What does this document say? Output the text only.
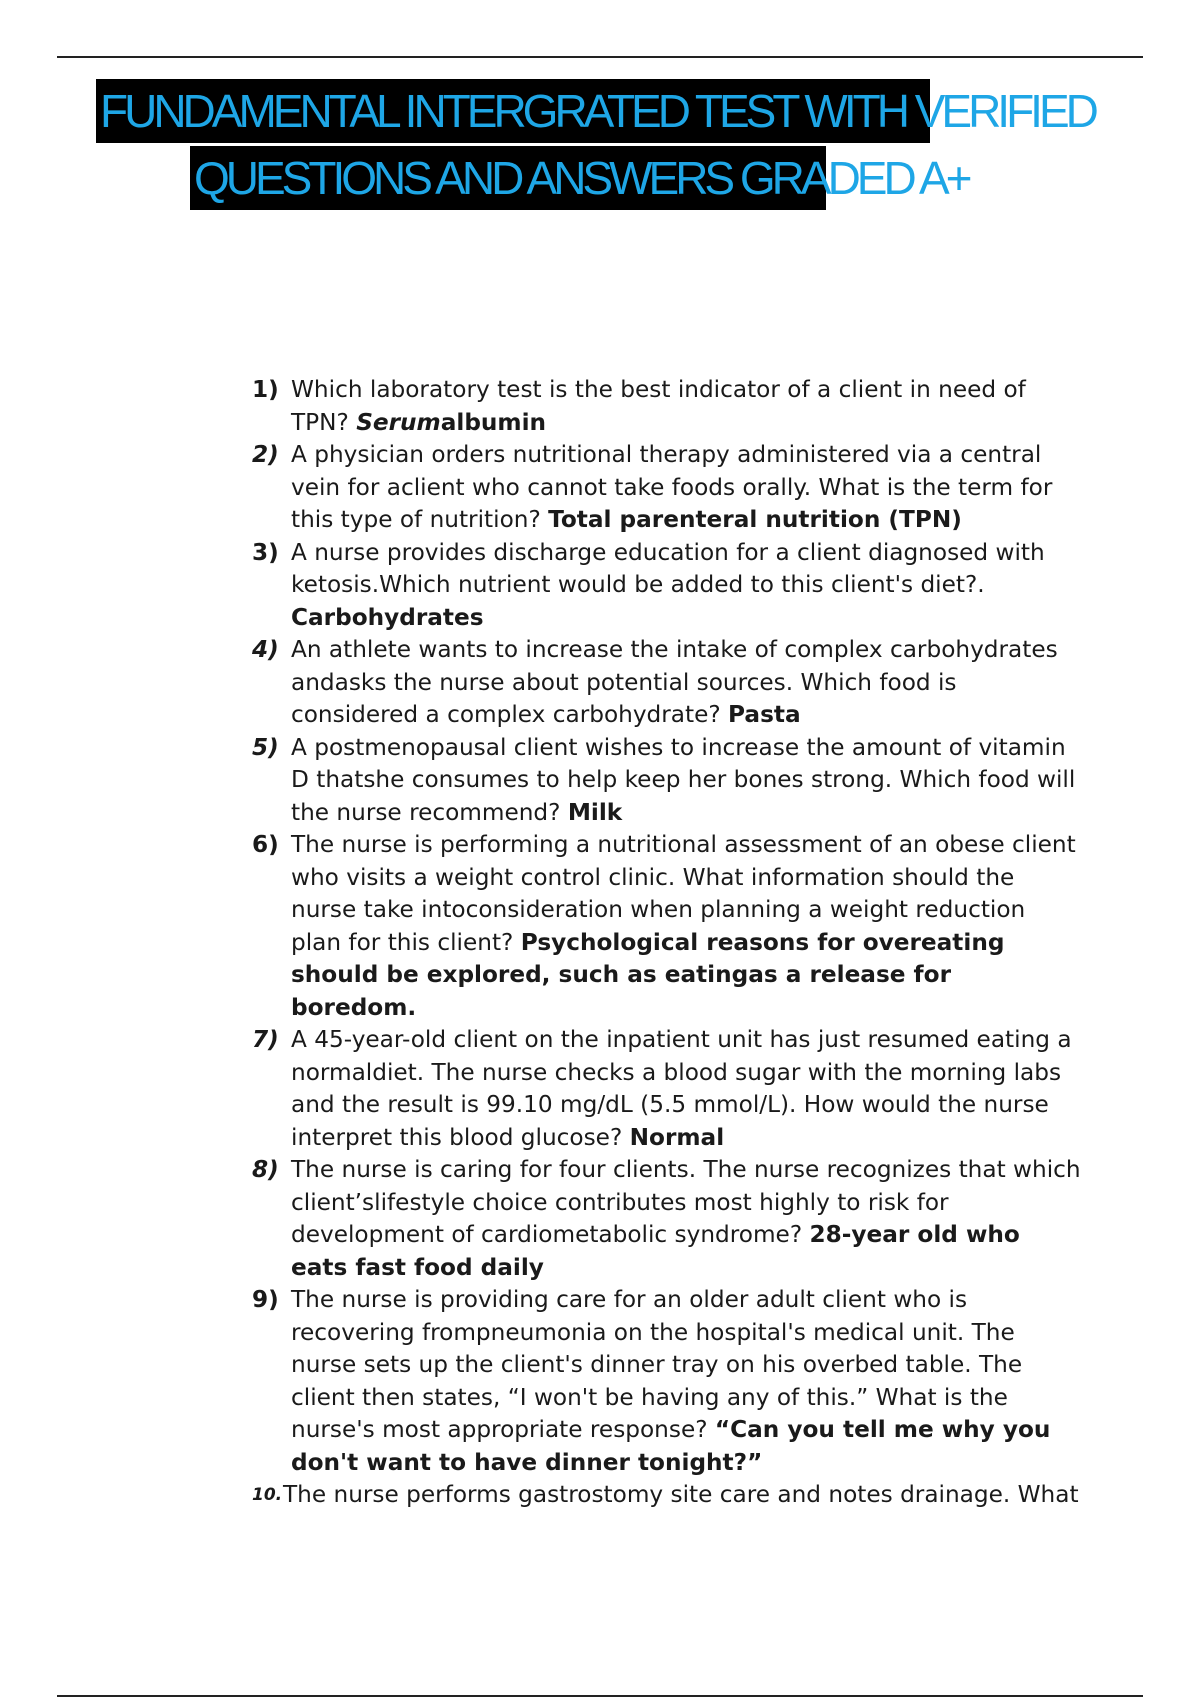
FUNDAMENTAL INTERGRATED TEST WITH VERIFIED
QUESTIONS AND ANSWERS GRADED A+
1) Which laboratory test is the best indicator of a client in need of TPN? Serumalbumin
2) A physician orders nutritional therapy administered via a central vein for aclient who cannot take foods orally. What is the term for this type of nutrition? Total parenteral nutrition (TPN)
3) A nurse provides discharge education for a client diagnosed with ketosis.Which nutrient would be added to this client's diet?. Carbohydrates
4) An athlete wants to increase the intake of complex carbohydrates andasks the nurse about potential sources. Which food is considered a complex carbohydrate? Pasta
5) A postmenopausal client wishes to increase the amount of vitamin D thatshe consumes to help keep her bones strong. Which food will the nurse recommend? Milk
6) The nurse is performing a nutritional assessment of an obese client who visits a weight control clinic. What information should the nurse take intoconsideration when planning a weight reduction plan for this client? Psychological reasons for overeating should be explored, such as eatingas a release for boredom.
7) A 45-year-old client on the inpatient unit has just resumed eating a normaldiet. The nurse checks a blood sugar with the morning labs and the result is 99.10 mg/dL (5.5 mmol/L). How would the nurse interpret this blood glucose? Normal
8) The nurse is caring for four clients. The nurse recognizes that which client’slifestyle choice contributes most highly to risk for development of cardiometabolic syndrome? 28-year old who eats fast food daily
9) The nurse is providing care for an older adult client who is recovering frompneumonia on the hospital's medical unit. The nurse sets up the client's dinner tray on his overbed table. The client then states, “I won't be having any of this.” What is the nurse's most appropriate response? “Can you tell me why you don't want to have dinner tonight?”
10. The nurse performs gastrostomy site care and notes drainage. What
